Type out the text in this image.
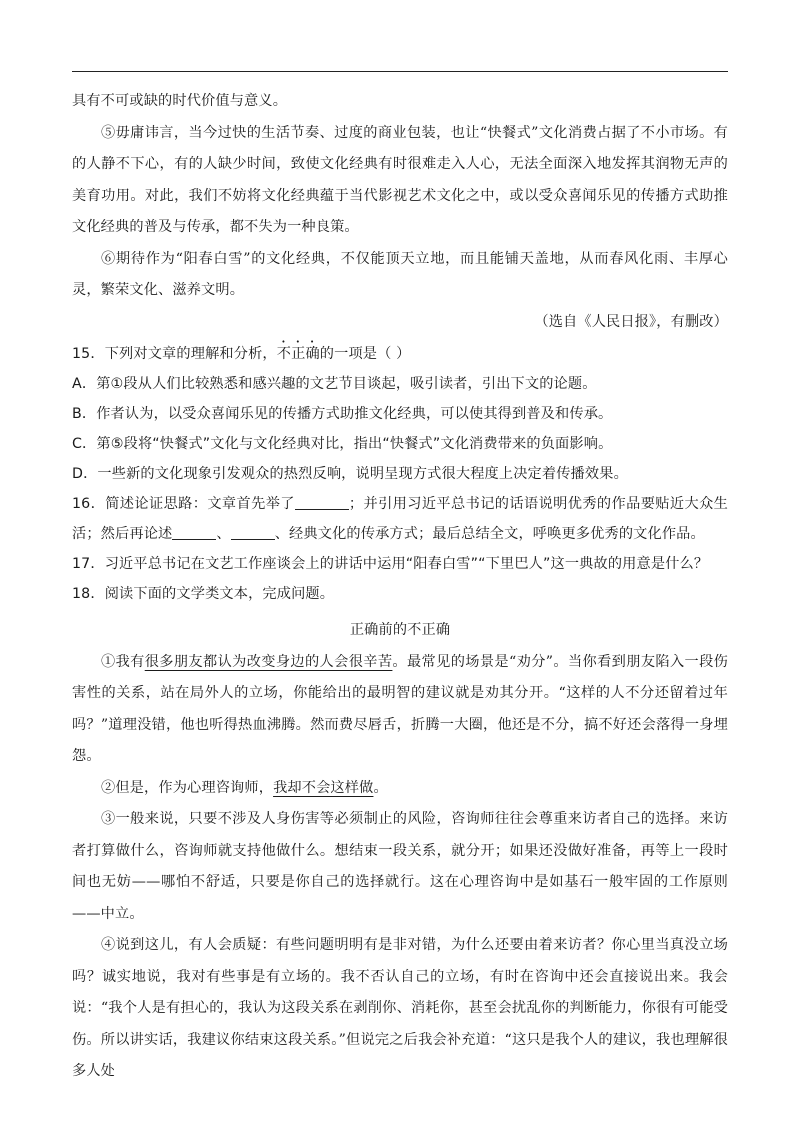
具有不可或缺的时代价值与意义。

⑤毋庸讳言，当今过快的生活节奏、过度的商业包装，也让“快餐式”文化消费占据了不小市场。有的人静不下心，有的人缺少时间，致使文化经典有时很难走入人心，无法全面深入地发挥其润物无声的美育功用。对此，我们不妨将文化经典蕴于当代影视艺术文化之中，或以受众喜闻乐见的传播方式助推文化经典的普及与传承，都不失为一种良策。

⑥期待作为“阳春白雪”的文化经典，不仅能顶天立地，而且能铺天盖地，从而春风化雨、丰厚心灵，繁荣文化、滋养文明。

（选自《人民日报》，有删改）

15．下列对文章的理解和分析，不正确的一项是（ ）

A．第①段从人们比较熟悉和感兴趣的文艺节目谈起，吸引读者，引出下文的论题。

B．作者认为，以受众喜闻乐见的传播方式助推文化经典，可以使其得到普及和传承。

C．第⑤段将“快餐式”文化与文化经典对比，指出“快餐式”文化消费带来的负面影响。

D．一些新的文化现象引发观众的热烈反响，说明呈现方式很大程度上决定着传播效果。

16．简述论证思路：文章首先举了	；并引用习近平总书记的话语说明优秀的作品要贴近大众生活；然后再论述	、	、经典文化的传承方式；最后总结全文，呼唤更多优秀的文化作品。

17．习近平总书记在文艺工作座谈会上的讲话中运用“阳春白雪”“下里巴人”这一典故的用意是什么？

18．阅读下面的文学类文本，完成问题。

正确前的不正确

①我有很多朋友都认为改变身边的人会很辛苦。最常见的场景是“劝分”。当你看到朋友陷入一段伤害性的关系，站在局外人的立场，你能给出的最明智的建议就是劝其分开。“这样的人不分还留着过年吗？”道理没错，他也听得热血沸腾。然而费尽唇舌，折腾一大圈，他还是不分，搞不好还会落得一身埋怨。

②但是，作为心理咨询师，我却不会这样做。

③一般来说，只要不涉及人身伤害等必须制止的风险，咨询师往往会尊重来访者自己的选择。来访者打算做什么，咨询师就支持他做什么。想结束一段关系，就分开；如果还没做好准备，再等上一段时间也无妨——哪怕不舒适，只要是你自己的选择就行。这在心理咨询中是如基石一般牢固的工作原则——中立。

④说到这儿，有人会质疑：有些问题明明有是非对错，为什么还要由着来访者？你心里当真没立场吗？诚实地说，我对有些事是有立场的。我不否认自己的立场，有时在咨询中还会直接说出来。我会说：“我个人是有担心的，我认为这段关系在剥削你、消耗你，甚至会扰乱你的判断能力，你很有可能受伤。所以讲实话，我建议你结束这段关系。”但说完之后我会补充道：“这只是我个人的建议，我也理解很多人处
